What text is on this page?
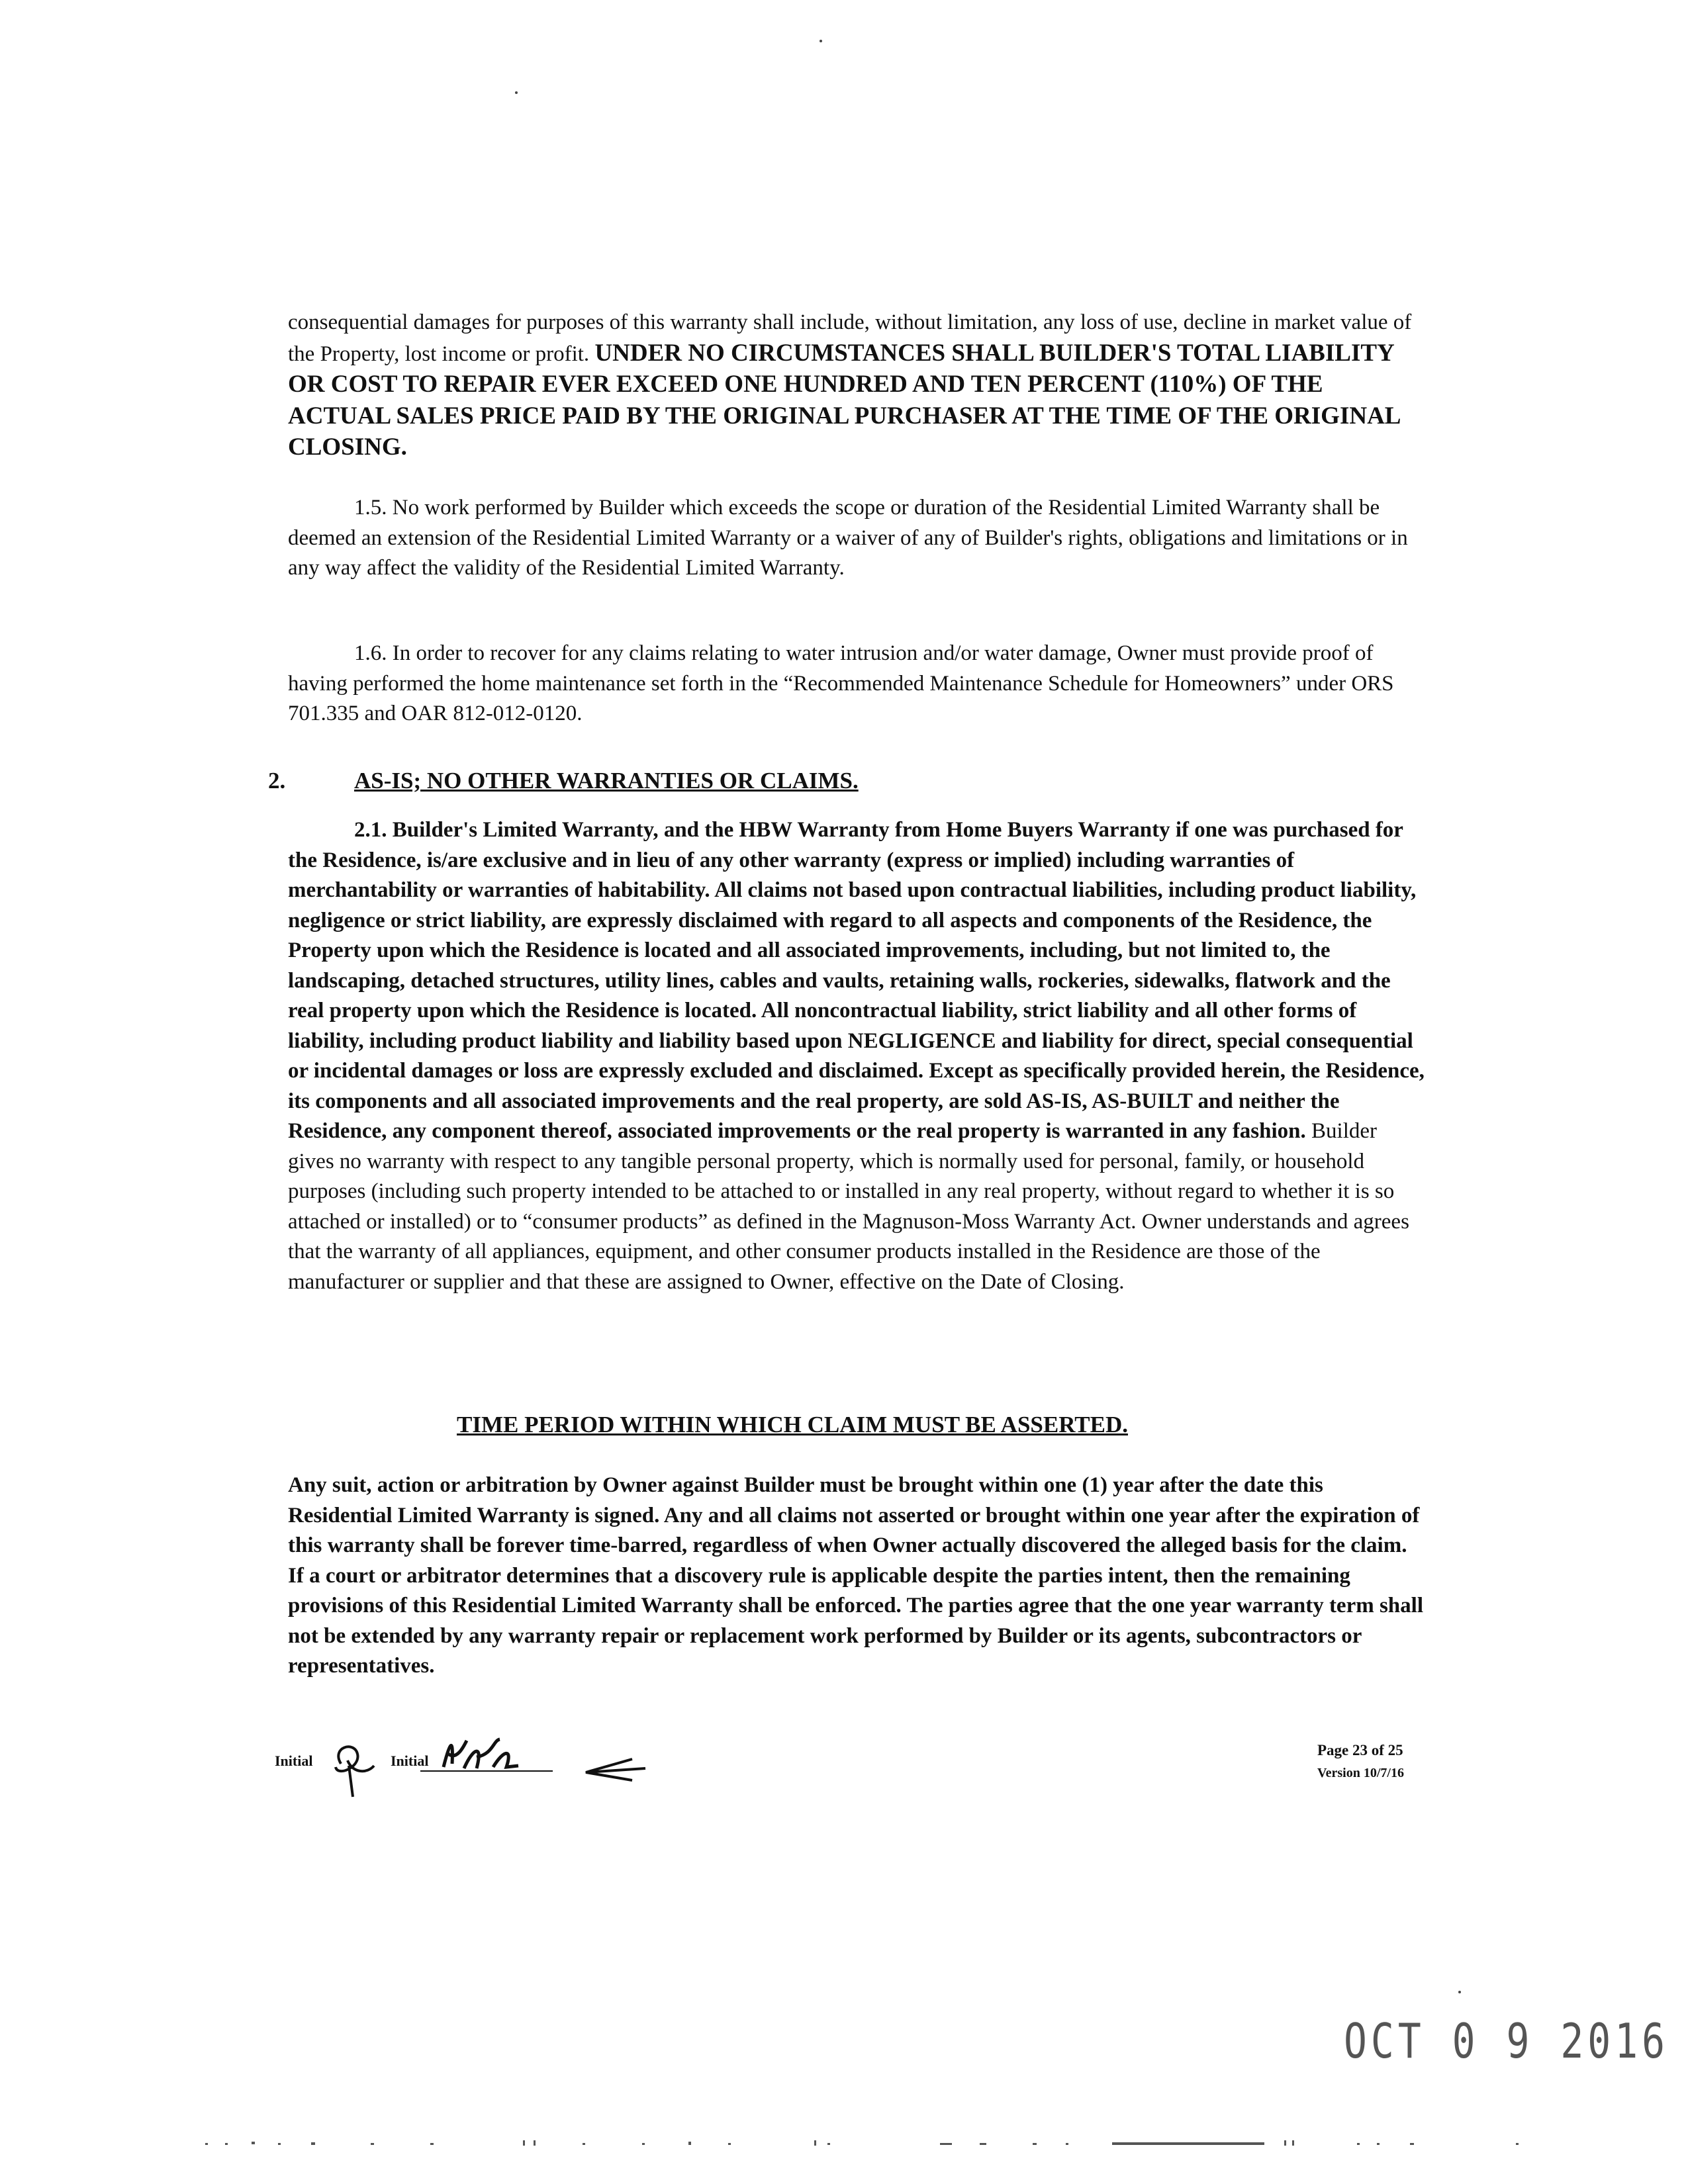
consequential damages for purposes of this warranty shall include, without limitation, any loss of use, decline in market value of the Property, lost income or profit. UNDER NO CIRCUMSTANCES SHALL BUILDER'S TOTAL LIABILITY OR COST TO REPAIR EVER EXCEED ONE HUNDRED AND TEN PERCENT (110%) OF THE ACTUAL SALES PRICE PAID BY THE ORIGINAL PURCHASER AT THE TIME OF THE ORIGINAL CLOSING.

1.5. No work performed by Builder which exceeds the scope or duration of the Residential Limited Warranty shall be deemed an extension of the Residential Limited Warranty or a waiver of any of Builder's rights, obligations and limitations or in any way affect the validity of the Residential Limited Warranty.

1.6. In order to recover for any claims relating to water intrusion and/or water damage, Owner must provide proof of having performed the home maintenance set forth in the “Recommended Maintenance Schedule for Homeowners” under ORS 701.335 and OAR 812-012-0120.

2.	AS-IS; NO OTHER WARRANTIES OR CLAIMS.

2.1. Builder's Limited Warranty, and the HBW Warranty from Home Buyers Warranty if one was purchased for the Residence, is/are exclusive and in lieu of any other warranty (express or implied) including warranties of merchantability or warranties of habitability. All claims not based upon contractual liabilities, including product liability, negligence or strict liability, are expressly disclaimed with regard to all aspects and components of the Residence, the Property upon which the Residence is located and all associated improvements, including, but not limited to, the landscaping, detached structures, utility lines, cables and vaults, retaining walls, rockeries, sidewalks, flatwork and the real property upon which the Residence is located. All noncontractual liability, strict liability and all other forms of liability, including product liability and liability based upon NEGLIGENCE and liability for direct, special consequential or incidental damages or loss are expressly excluded and disclaimed. Except as specifically provided herein, the Residence, its components and all associated improvements and the real property, are sold AS-IS, AS-BUILT and neither the Residence, any component thereof, associated improvements or the real property is warranted in any fashion. Builder gives no warranty with respect to any tangible personal property, which is normally used for personal, family, or household purposes (including such property intended to be attached to or installed in any real property, without regard to whether it is so attached or installed) or to “consumer products” as defined in the Magnuson-Moss Warranty Act. Owner understands and agrees that the warranty of all appliances, equipment, and other consumer products installed in the Residence are those of the manufacturer or supplier and that these are assigned to Owner, effective on the Date of Closing.

TIME PERIOD WITHIN WHICH CLAIM MUST BE ASSERTED.

Any suit, action or arbitration by Owner against Builder must be brought within one (1) year after the date this Residential Limited Warranty is signed. Any and all claims not asserted or brought within one year after the expiration of this warranty shall be forever time-barred, regardless of when Owner actually discovered the alleged basis for the claim. If a court or arbitrator determines that a discovery rule is applicable despite the parties intent, then the remaining provisions of this Residential Limited Warranty shall be enforced. The parties agree that the one year warranty term shall not be extended by any warranty repair or replacement work performed by Builder or its agents, subcontractors or representatives.

Initial	Initial
Page 23 of 25
Version 10/7/16
OCT 0 9 2016
